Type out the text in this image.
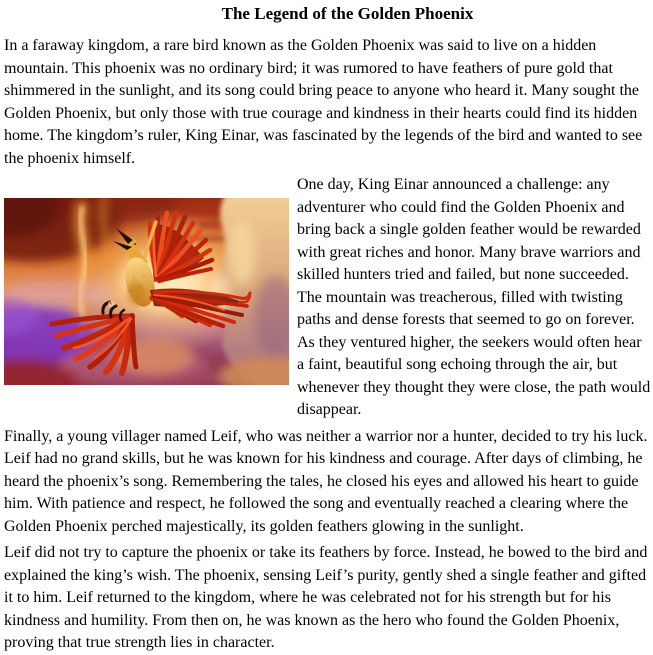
The Legend of the Golden Phoenix

In a faraway kingdom, a rare bird known as the Golden Phoenix was said to live on a hidden mountain. This phoenix was no ordinary bird; it was rumored to have feathers of pure gold that shimmered in the sunlight, and its song could bring peace to anyone who heard it. Many sought the Golden Phoenix, but only those with true courage and kindness in their hearts could find its hidden home. The kingdom’s ruler, King Einar, was fascinated by the legends of the bird and wanted to see the phoenix himself.

One day, King Einar announced a challenge: any adventurer who could find the Golden Phoenix and bring back a single golden feather would be rewarded with great riches and honor. Many brave warriors and skilled hunters tried and failed, but none succeeded. The mountain was treacherous, filled with twisting paths and dense forests that seemed to go on forever. As they ventured higher, the seekers would often hear a faint, beautiful song echoing through the air, but whenever they thought they were close, the path would disappear.

Finally, a young villager named Leif, who was neither a warrior nor a hunter, decided to try his luck. Leif had no grand skills, but he was known for his kindness and courage. After days of climbing, he heard the phoenix’s song. Remembering the tales, he closed his eyes and allowed his heart to guide him. With patience and respect, he followed the song and eventually reached a clearing where the Golden Phoenix perched majestically, its golden feathers glowing in the sunlight.

Leif did not try to capture the phoenix or take its feathers by force. Instead, he bowed to the bird and explained the king’s wish. The phoenix, sensing Leif’s purity, gently shed a single feather and gifted it to him. Leif returned to the kingdom, where he was celebrated not for his strength but for his kindness and humility. From then on, he was known as the hero who found the Golden Phoenix, proving that true strength lies in character.
